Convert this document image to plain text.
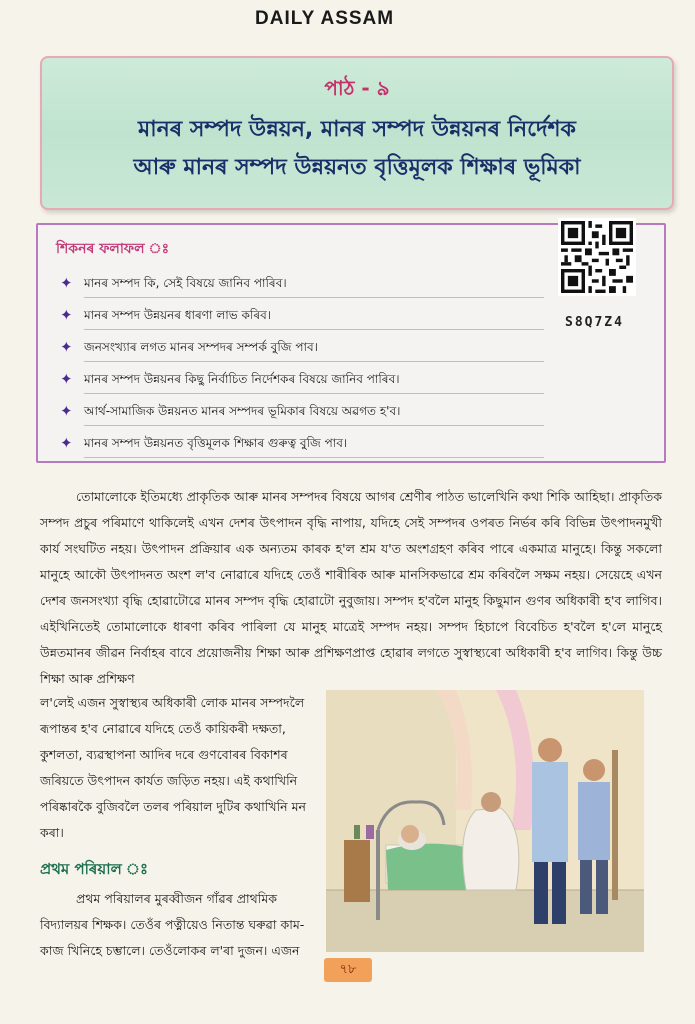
DAILY ASSAM
পাঠ - ৯
মানৰ সম্পদ উন্নয়ন, মানৰ সম্পদ উন্নয়নৰ নির্দেশক
আৰু মানৰ সম্পদ উন্নয়নত বৃত্তিমূলক শিক্ষাৰ ভূমিকা
শিকনৰ ফলাফল ঃ
✦ মানৰ সম্পদ কি, সেই বিষয়ে জানিব পাৰিব।
✦ মানৰ সম্পদ উন্নয়নৰ ধাৰণা লাভ কৰিব।
✦ জনসংখ্যাৰ লগত মানৰ সম্পদৰ সম্পৰ্ক বুজি পাব।
✦ মানৰ সম্পদ উন্নয়নৰ কিছু নির্বাচিত নির্দেশকৰ বিষয়ে জানিব পাৰিব।
✦ আৰ্থ-সামাজিক উন্নয়নত মানৰ সম্পদৰ ভূমিকাৰ বিষয়ে অৱগত হ'ব।
✦ মানৰ সম্পদ উন্নয়নত বৃত্তিমূলক শিক্ষাৰ গুৰুত্ব বুজি পাব।
S8Q7Z4

তোমালোকে ইতিমধ্যে প্ৰাকৃতিক আৰু মানৰ সম্পদৰ বিষয়ে আগৰ শ্ৰেণীৰ পাঠত ভালেখিনি কথা শিকি আহিছা। প্ৰাকৃতিক সম্পদ প্ৰচুৰ পৰিমাণে থাকিলেই এখন দেশৰ উৎপাদন বৃদ্ধি নাপায়, যদিহে সেই সম্পদৰ ওপৰত নিৰ্ভৰ কৰি বিভিন্ন উৎপাদনমুখী কাৰ্য সংঘটিত নহয়। উৎপাদন প্ৰক্ৰিয়াৰ এক অন্যতম কাৰক হ'ল শ্ৰম য'ত অংশগ্ৰহণ কৰিব পাৰে একমাত্ৰ মানুহে। কিন্তু সকলো মানুহে আকৌ উৎপাদনত অংশ ল'ব নোৱাৰে যদিহে তেওঁ শাৰীৰিক আৰু মানসিকভাৱে শ্ৰম কৰিবলৈ সক্ষম নহয়। সেয়েহে এখন দেশৰ জনসংখ্যা বৃদ্ধি হোৱাটোৱে মানৰ সম্পদ বৃদ্ধি হোৱাটো নুবুজায়। সম্পদ হ'বলৈ মানুহ কিছুমান গুণৰ অধিকাৰী হ'ব লাগিব। এইখিনিতেই তোমালোকে ধাৰণা কৰিব পাৰিলা যে মানুহ মাত্ৰেই সম্পদ নহয়। সম্পদ হিচাপে বিবেচিত হ'বলৈ হ'লে মানুহে উন্নতমানৰ জীৱন নিৰ্বাহৰ বাবে প্ৰয়োজনীয় শিক্ষা আৰু প্ৰশিক্ষণপ্ৰাপ্ত হোৱাৰ লগতে সুস্বাস্থ্যৰো অধিকাৰী হ'ব লাগিব। কিন্তু উচ্চ শিক্ষা আৰু প্ৰশিক্ষণ

ল'লেই এজন সুস্বাস্থ্যৰ অধিকাৰী লোক মানৰ সম্পদলৈ ৰূপান্তৰ হ'ব নোৱাৰে যদিহে তেওঁ কায়িকৰী দক্ষতা, কুশলতা, ব্যৱস্থাপনা আদিৰ দৰে গুণবোৰৰ বিকাশৰ জৰিয়তে উৎপাদন কাৰ্যত জড়িত নহয়। এই কথাখিনি পৰিষ্কাৰকৈ বুজিবলৈ তলৰ পৰিয়াল দুটিৰ কথাখিনি মন কৰা।

প্ৰথম পৰিয়াল ঃ

প্ৰথম পৰিয়ালৰ মুৰব্বীজন গাঁৱৰ প্ৰাথমিক বিদ্যালয়ৰ শিক্ষক। তেওঁৰ পত্নীয়েও নিতান্ত ঘৰুৱা কাম-কাজ খিনিহে চম্ভালে। তেওঁলোকৰ ল'ৰা দুজন। এজন

৭৮
